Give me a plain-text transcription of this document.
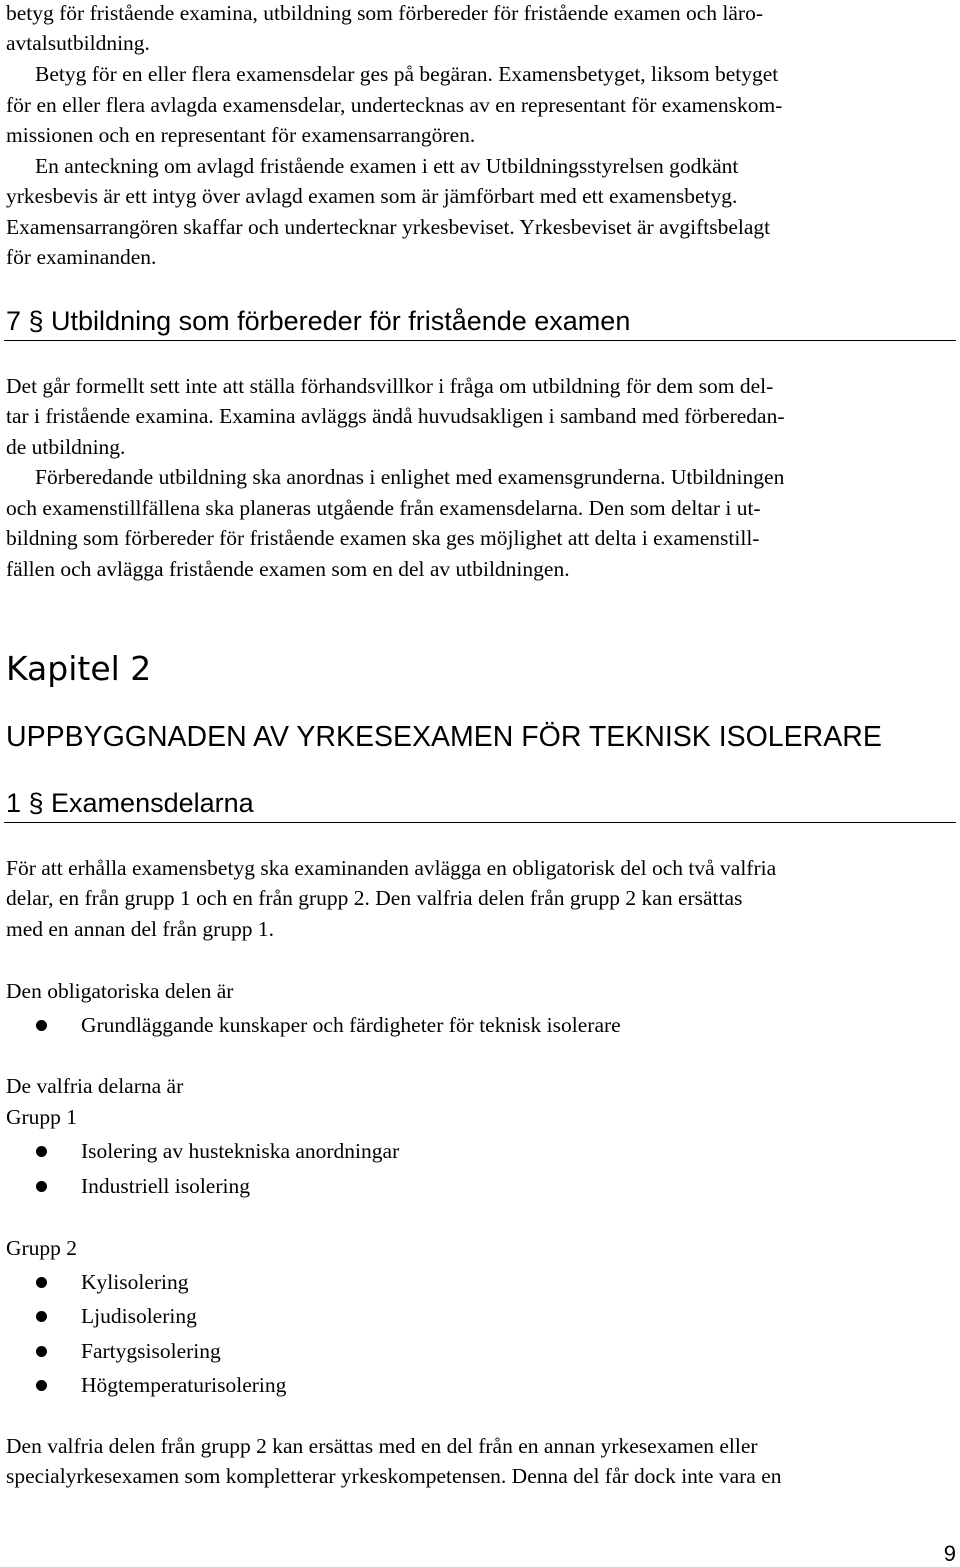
betyg för fristående examina, utbildning som förbereder för fristående examen och läro-
avtalsutbildning.
Betyg för en eller flera examensdelar ges på begäran. Examensbetyget, liksom betyget
för en eller flera avlagda examensdelar, undertecknas av en representant för examenskom-
missionen och en representant för examensarrangören.
En anteckning om avlagd fristående examen i ett av Utbildningsstyrelsen godkänt
yrkesbevis är ett intyg över avlagd examen som är jämförbart med ett examensbetyg.
Examensarrangören skaffar och undertecknar yrkesbeviset. Yrkesbeviset är avgiftsbelagt
för examinanden.
7 § Utbildning som förbereder för fristående examen
Det går formellt sett inte att ställa förhandsvillkor i fråga om utbildning för dem som del-
tar i fristående examina. Examina avläggs ändå huvudsakligen i samband med förberedan-
de utbildning.
Förberedande utbildning ska anordnas i enlighet med examensgrunderna. Utbildningen
och examenstillfällena ska planeras utgående från examensdelarna. Den som deltar i ut-
bildning som förbereder för fristående examen ska ges möjlighet att delta i examenstill-
fällen och avlägga fristående examen som en del av utbildningen.
Kapitel 2
UPPBYGGNADEN AV YRKESEXAMEN FÖR TEKNISK ISOLERARE
1 § Examensdelarna
För att erhålla examensbetyg ska examinanden avlägga en obligatorisk del och två valfria
delar, en från grupp 1 och en från grupp 2. Den valfria delen från grupp 2 kan ersättas
med en annan del från grupp 1.
Den obligatoriska delen är
Grundläggande kunskaper och färdigheter för teknisk isolerare
De valfria delarna är
Grupp 1
Isolering av hustekniska anordningar
Industriell isolering
Grupp 2
Kylisolering
Ljudisolering
Fartygsisolering
Högtemperaturisolering
Den valfria delen från grupp 2 kan ersättas med en del från en annan yrkesexamen eller
specialyrkesexamen som kompletterar yrkeskompetensen. Denna del får dock inte vara en
9
